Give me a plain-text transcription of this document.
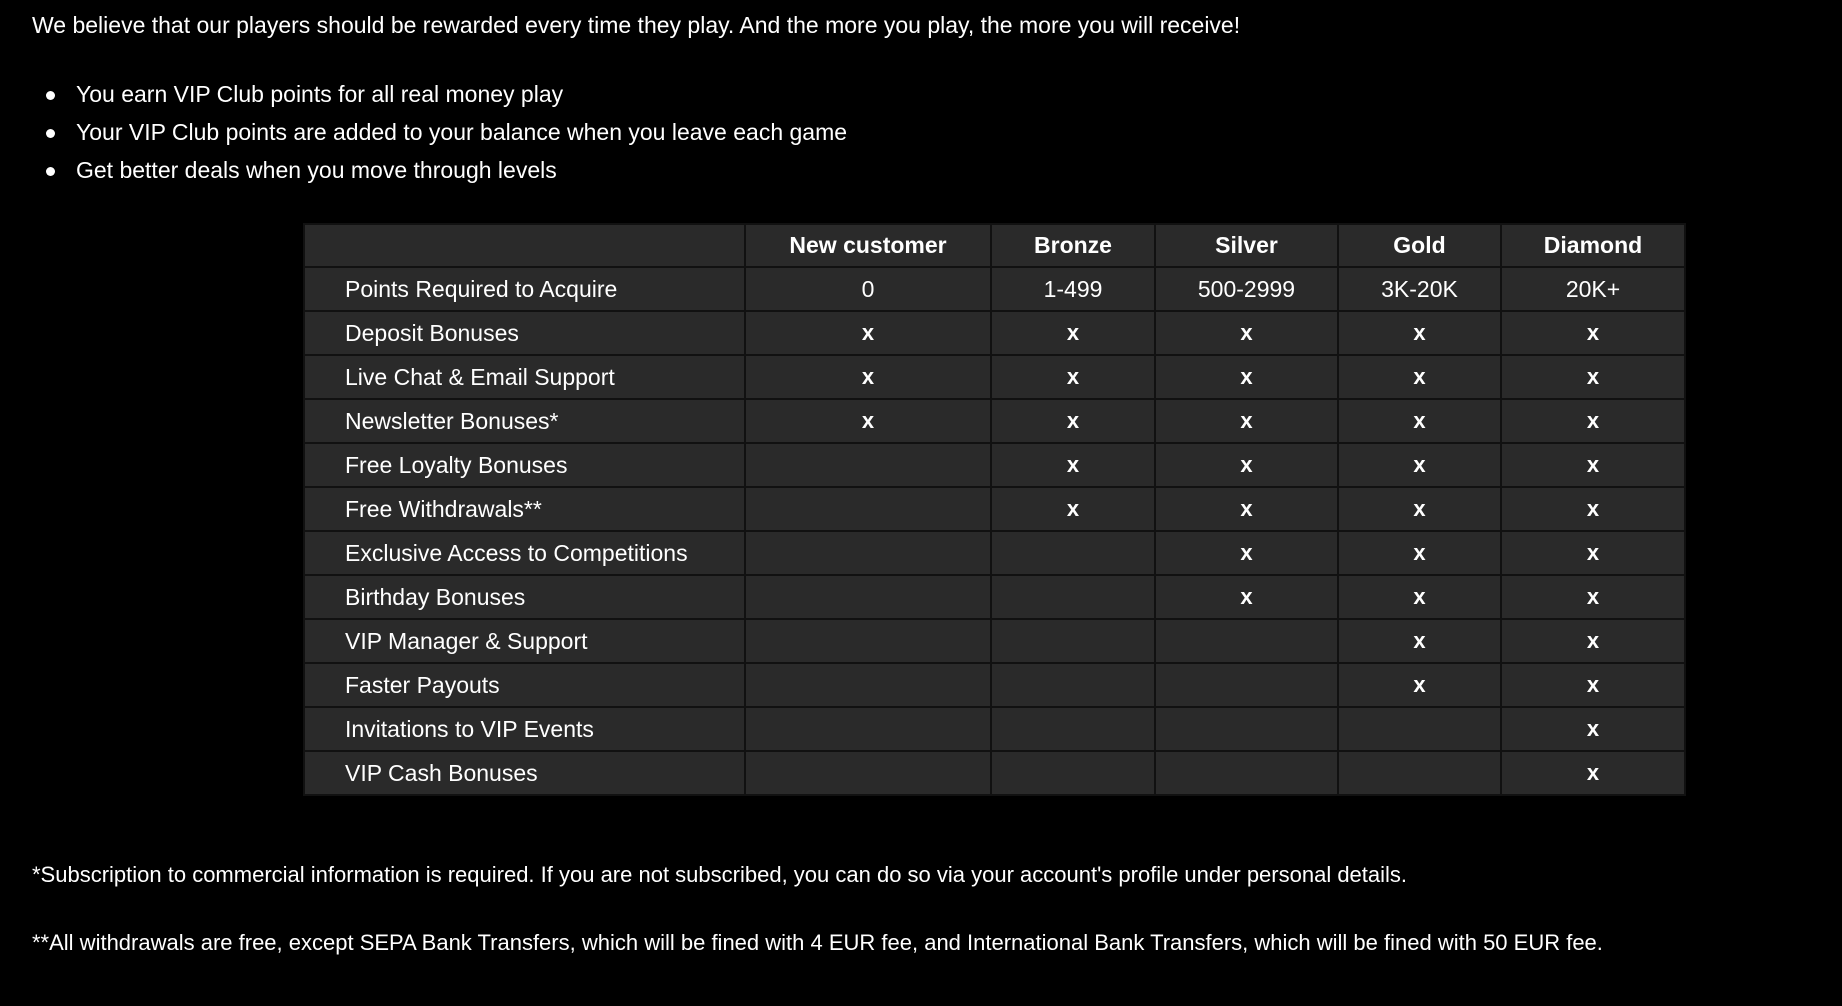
We believe that our players should be rewarded every time they play. And the more you play, the more you will receive!

You earn VIP Club points for all real money play
Your VIP Club points are added to your balance when you leave each game
Get better deals when you move through levels
	New customer	Bronze	Silver	Gold	Diamond
Points Required to Acquire	0	1-499	500-2999	3K-20K	20K+
Deposit Bonuses	x	x	x	x	x
Live Chat & Email Support	x	x	x	x	x
Newsletter Bonuses*	x	x	x	x	x
Free Loyalty Bonuses		x	x	x	x
Free Withdrawals**		x	x	x	x
Exclusive Access to Competitions			x	x	x
Birthday Bonuses			x	x	x
VIP Manager & Support				x	x
Faster Payouts				x	x
Invitations to VIP Events					x
VIP Cash Bonuses					x

*Subscription to commercial information is required. If you are not subscribed, you can do so via your account's profile under personal details.

**All withdrawals are free, except SEPA Bank Transfers, which will be fined with 4 EUR fee, and International Bank Transfers, which will be fined with 50 EUR fee.
